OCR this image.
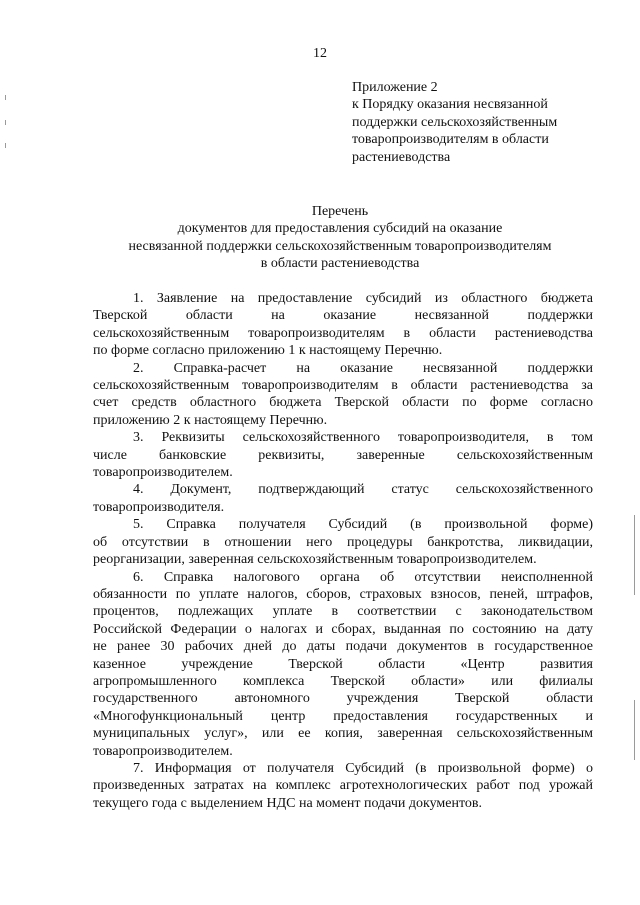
12
Приложение 2
к Порядку оказания несвязанной
поддержки сельскохозяйственным
товаропроизводителям в области
растениеводства
Перечень
документов для предоставления субсидий на оказание
несвязанной поддержки сельскохозяйственным товаропроизводителям
в области растениеводства
1. Заявление на предоставление субсидий из областного бюджета
Тверской области на оказание несвязанной поддержки
сельскохозяйственным товаропроизводителям в области растениеводства
по форме согласно приложению 1 к настоящему Перечню.
2. Справка-расчет на оказание несвязанной поддержки
сельскохозяйственным товаропроизводителям в области растениеводства за
счет средств областного бюджета Тверской области по форме согласно
приложению 2 к настоящему Перечню.
3. Реквизиты сельскохозяйственного товаропроизводителя, в том
числе банковские реквизиты, заверенные сельскохозяйственным
товаропроизводителем.
4. Документ, подтверждающий статус сельскохозяйственного
товаропроизводителя.
5. Справка получателя Субсидий (в произвольной форме)
об отсутствии в отношении него процедуры банкротства, ликвидации,
реорганизации, заверенная сельскохозяйственным товаропроизводителем.
6. Справка налогового органа об отсутствии неисполненной
обязанности по уплате налогов, сборов, страховых взносов, пеней, штрафов,
процентов, подлежащих уплате в соответствии с законодательством
Российской Федерации о налогах и сборах, выданная по состоянию на дату
не ранее 30 рабочих дней до даты подачи документов в государственное
казенное учреждение Тверской области «Центр развития
агропромышленного комплекса Тверской области» или филиалы
государственного автономного учреждения Тверской области
«Многофункциональный центр предоставления государственных и
муниципальных услуг», или ее копия, заверенная сельскохозяйственным
товаропроизводителем.
7. Информация от получателя Субсидий (в произвольной форме) о
произведенных затратах на комплекс агротехнологических работ под урожай
текущего года с выделением НДС на момент подачи документов.
